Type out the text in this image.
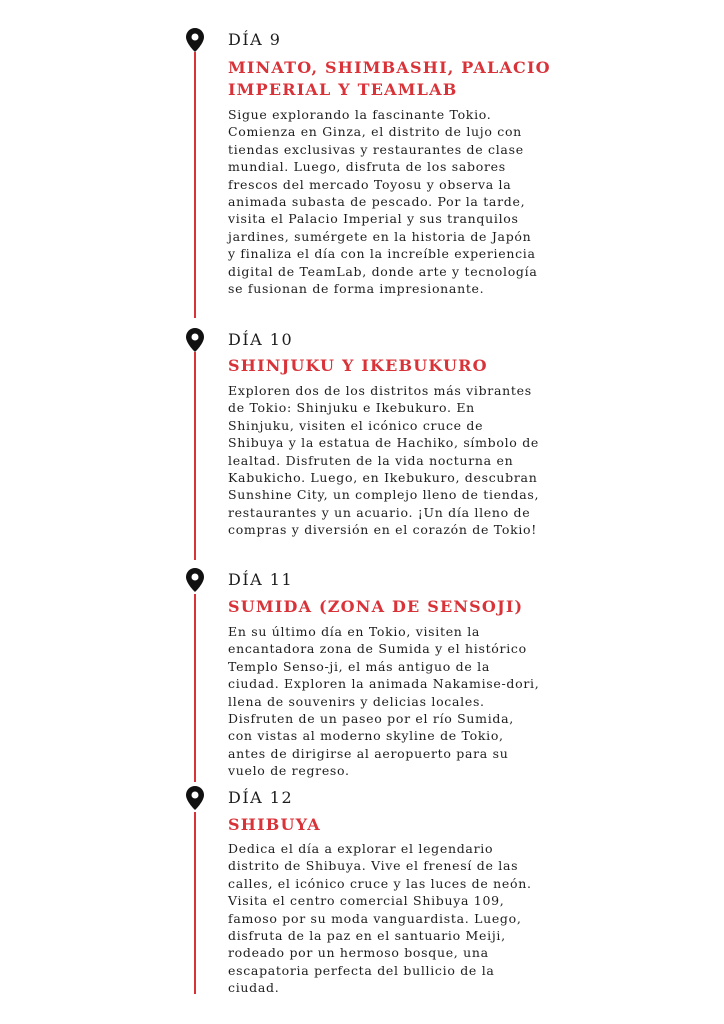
DÍA 9
MINATO, SHIMBASHI, PALACIO IMPERIAL Y TEAMLAB
Sigue explorando la fascinante Tokio. Comienza en Ginza, el distrito de lujo con tiendas exclusivas y restaurantes de clase mundial. Luego, disfruta de los sabores frescos del mercado Toyosu y observa la animada subasta de pescado. Por la tarde, visita el Palacio Imperial y sus tranquilos jardines, sumérgete en la historia de Japón y finaliza el día con la increíble experiencia digital de TeamLab, donde arte y tecnología se fusionan de forma impresionante.
DÍA 10
SHINJUKU Y IKEBUKURO
Exploren dos de los distritos más vibrantes de Tokio: Shinjuku e Ikebukuro. En Shinjuku, visiten el icónico cruce de Shibuya y la estatua de Hachiko, símbolo de lealtad. Disfruten de la vida nocturna en Kabukicho. Luego, en Ikebukuro, descubran Sunshine City, un complejo lleno de tiendas, restaurantes y un acuario. ¡Un día lleno de compras y diversión en el corazón de Tokio!
DÍA 11
SUMIDA (ZONA DE SENSOJI)
En su último día en Tokio, visiten la encantadora zona de Sumida y el histórico Templo Senso-ji, el más antiguo de la ciudad. Exploren la animada Nakamise-dori, llena de souvenirs y delicias locales. Disfruten de un paseo por el río Sumida, con vistas al moderno skyline de Tokio, antes de dirigirse al aeropuerto para su vuelo de regreso.
DÍA 12
SHIBUYA
Dedica el día a explorar el legendario distrito de Shibuya. Vive el frenesí de las calles, el icónico cruce y las luces de neón. Visita el centro comercial Shibuya 109, famoso por su moda vanguardista. Luego, disfruta de la paz en el santuario Meiji, rodeado por un hermoso bosque, una escapatoria perfecta del bullicio de la ciudad.
